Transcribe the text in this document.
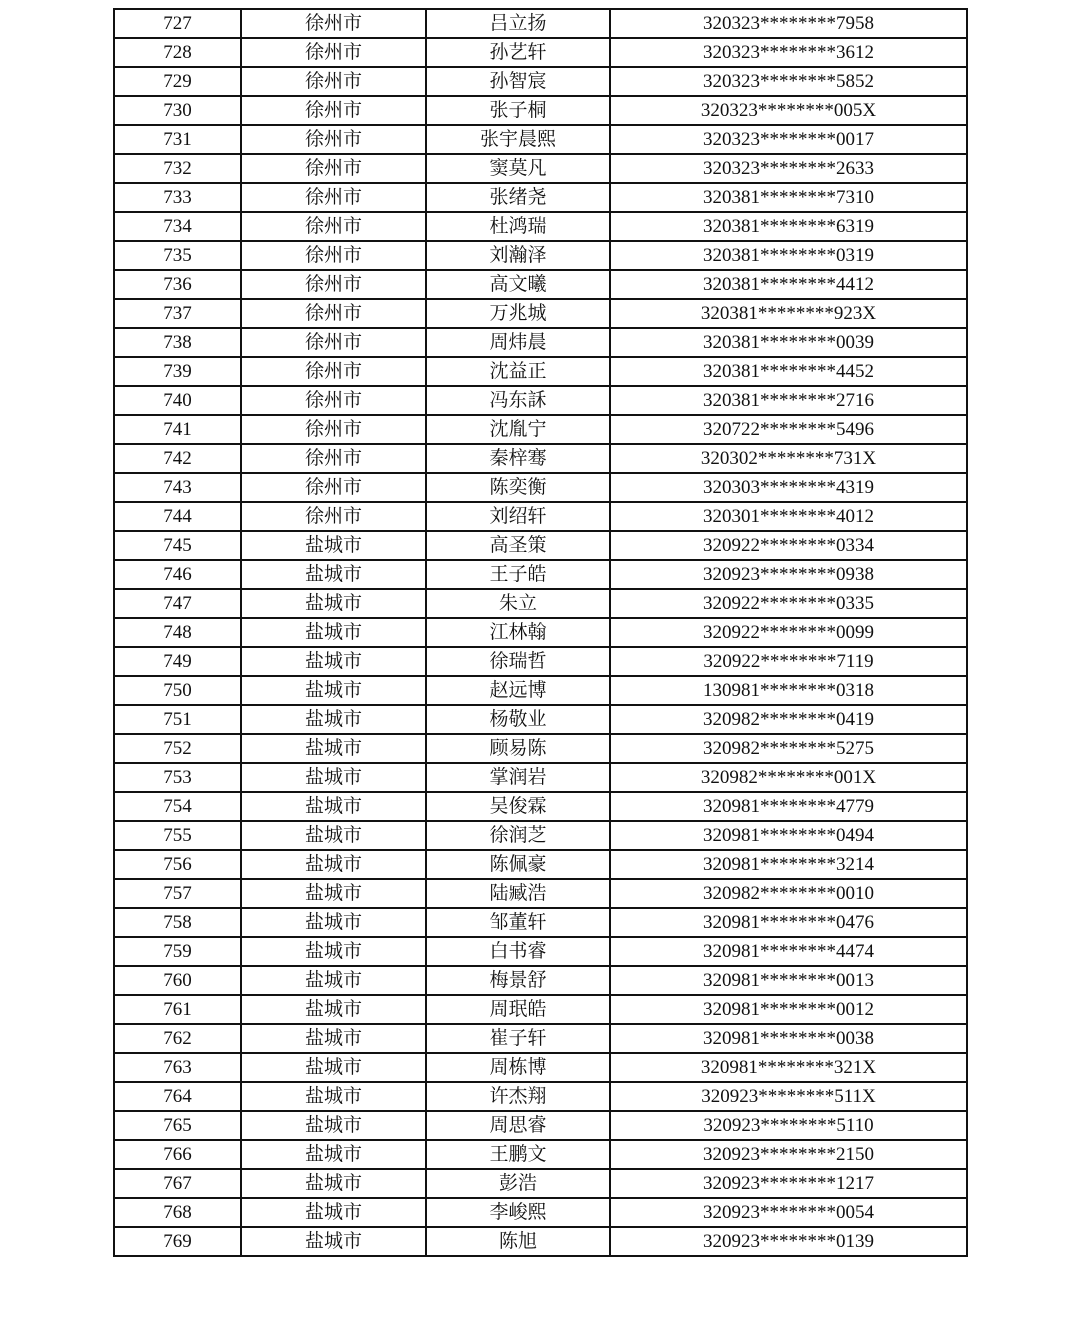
727	徐州市	吕立扬	320323********7958
728	徐州市	孙艺轩	320323********3612
729	徐州市	孙智宸	320323********5852
730	徐州市	张子桐	320323********005X
731	徐州市	张宇晨熙	320323********0017
732	徐州市	窦莫凡	320323********2633
733	徐州市	张绪尧	320381********7310
734	徐州市	杜鸿瑞	320381********6319
735	徐州市	刘瀚泽	320381********0319
736	徐州市	高文曦	320381********4412
737	徐州市	万兆城	320381********923X
738	徐州市	周炜晨	320381********0039
739	徐州市	沈益正	320381********4452
740	徐州市	冯东訸	320381********2716
741	徐州市	沈胤宁	320722********5496
742	徐州市	秦梓骞	320302********731X
743	徐州市	陈奕衡	320303********4319
744	徐州市	刘绍轩	320301********4012
745	盐城市	高圣策	320922********0334
746	盐城市	王子皓	320923********0938
747	盐城市	朱立	320922********0335
748	盐城市	江林翰	320922********0099
749	盐城市	徐瑞哲	320922********7119
750	盐城市	赵远博	130981********0318
751	盐城市	杨敬业	320982********0419
752	盐城市	顾易陈	320982********5275
753	盐城市	掌润岩	320982********001X
754	盐城市	吴俊霖	320981********4779
755	盐城市	徐润芝	320981********0494
756	盐城市	陈佩豪	320981********3214
757	盐城市	陆臧浩	320982********0010
758	盐城市	邹董轩	320981********0476
759	盐城市	白书睿	320981********4474
760	盐城市	梅景舒	320981********0013
761	盐城市	周珉皓	320981********0012
762	盐城市	崔子轩	320981********0038
763	盐城市	周栋博	320981********321X
764	盐城市	许杰翔	320923********511X
765	盐城市	周思睿	320923********5110
766	盐城市	王鹏文	320923********2150
767	盐城市	彭浩	320923********1217
768	盐城市	李峻熙	320923********0054
769	盐城市	陈旭	320923********0139
